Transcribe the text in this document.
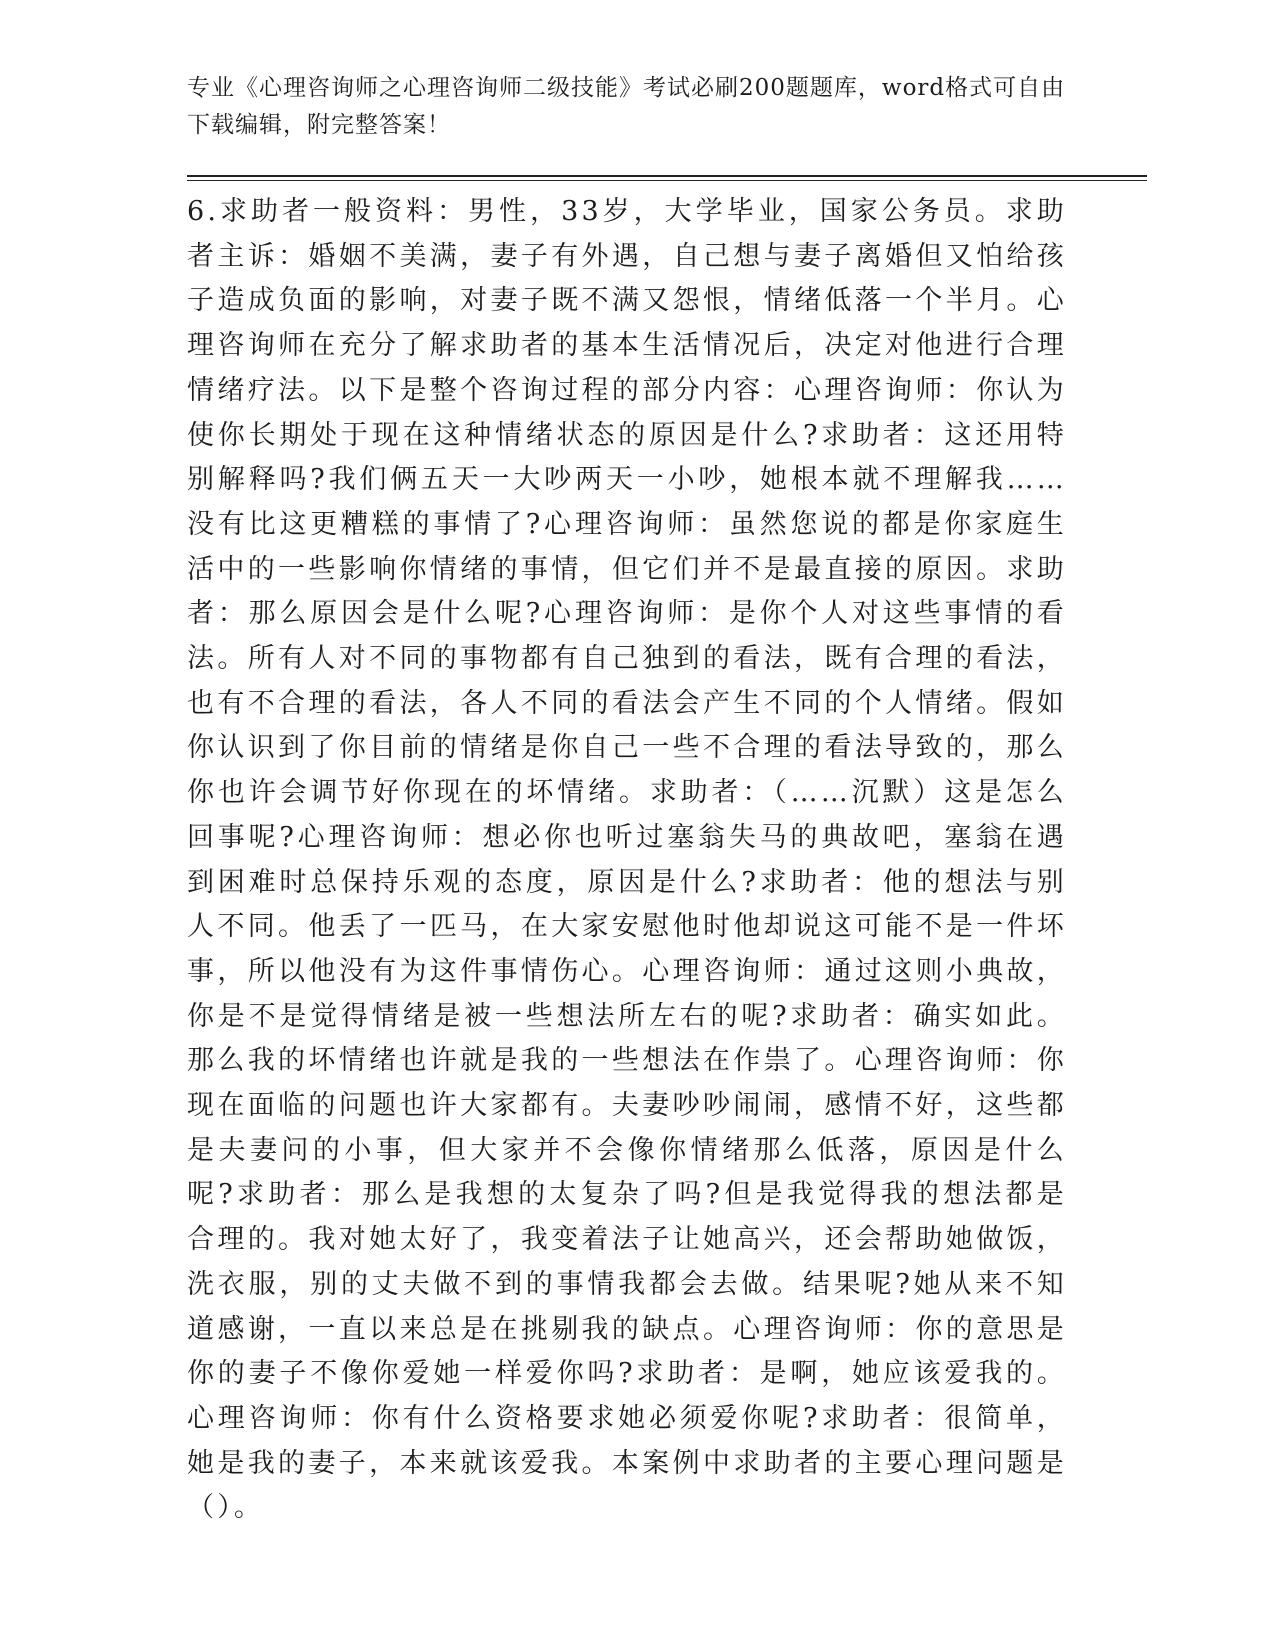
专业《心理咨询师之心理咨询师二级技能》考试必刷200题题库，word格式可自由下载编辑，附完整答案！

6.求助者一般资料：男性，33岁，大学毕业，国家公务员。求助者主诉：婚姻不美满，妻子有外遇，自己想与妻子离婚但又怕给孩子造成负面的影响，对妻子既不满又怨恨，情绪低落一个半月。心理咨询师在充分了解求助者的基本生活情况后，决定对他进行合理情绪疗法。以下是整个咨询过程的部分内容：心理咨询师：你认为使你长期处于现在这种情绪状态的原因是什么?求助者：这还用特别解释吗?我们俩五天一大吵两天一小吵，她根本就不理解我……没有比这更糟糕的事情了?心理咨询师：虽然您说的都是你家庭生活中的一些影响你情绪的事情，但它们并不是最直接的原因。求助者：那么原因会是什么呢?心理咨询师：是你个人对这些事情的看法。所有人对不同的事物都有自己独到的看法，既有合理的看法，也有不合理的看法，各人不同的看法会产生不同的个人情绪。假如你认识到了你目前的情绪是你自己一些不合理的看法导致的，那么你也许会调节好你现在的坏情绪。求助者：（……沉默）这是怎么回事呢?心理咨询师：想必你也听过塞翁失马的典故吧，塞翁在遇到困难时总保持乐观的态度，原因是什么?求助者：他的想法与别人不同。他丢了一匹马，在大家安慰他时他却说这可能不是一件坏事，所以他没有为这件事情伤心。心理咨询师：通过这则小典故，你是不是觉得情绪是被一些想法所左右的呢?求助者：确实如此。那么我的坏情绪也许就是我的一些想法在作祟了。心理咨询师：你现在面临的问题也许大家都有。夫妻吵吵闹闹，感情不好，这些都是夫妻问的小事，但大家并不会像你情绪那么低落，原因是什么呢?求助者：那么是我想的太复杂了吗?但是我觉得我的想法都是合理的。我对她太好了，我变着法子让她高兴，还会帮助她做饭，洗衣服，别的丈夫做不到的事情我都会去做。结果呢?她从来不知道感谢，一直以来总是在挑剔我的缺点。心理咨询师：你的意思是你的妻子不像你爱她一样爱你吗?求助者：是啊，她应该爱我的。心理咨询师：你有什么资格要求她必须爱你呢?求助者：很简单，她是我的妻子，本来就该爱我。本案例中求助者的主要心理问题是（）。
